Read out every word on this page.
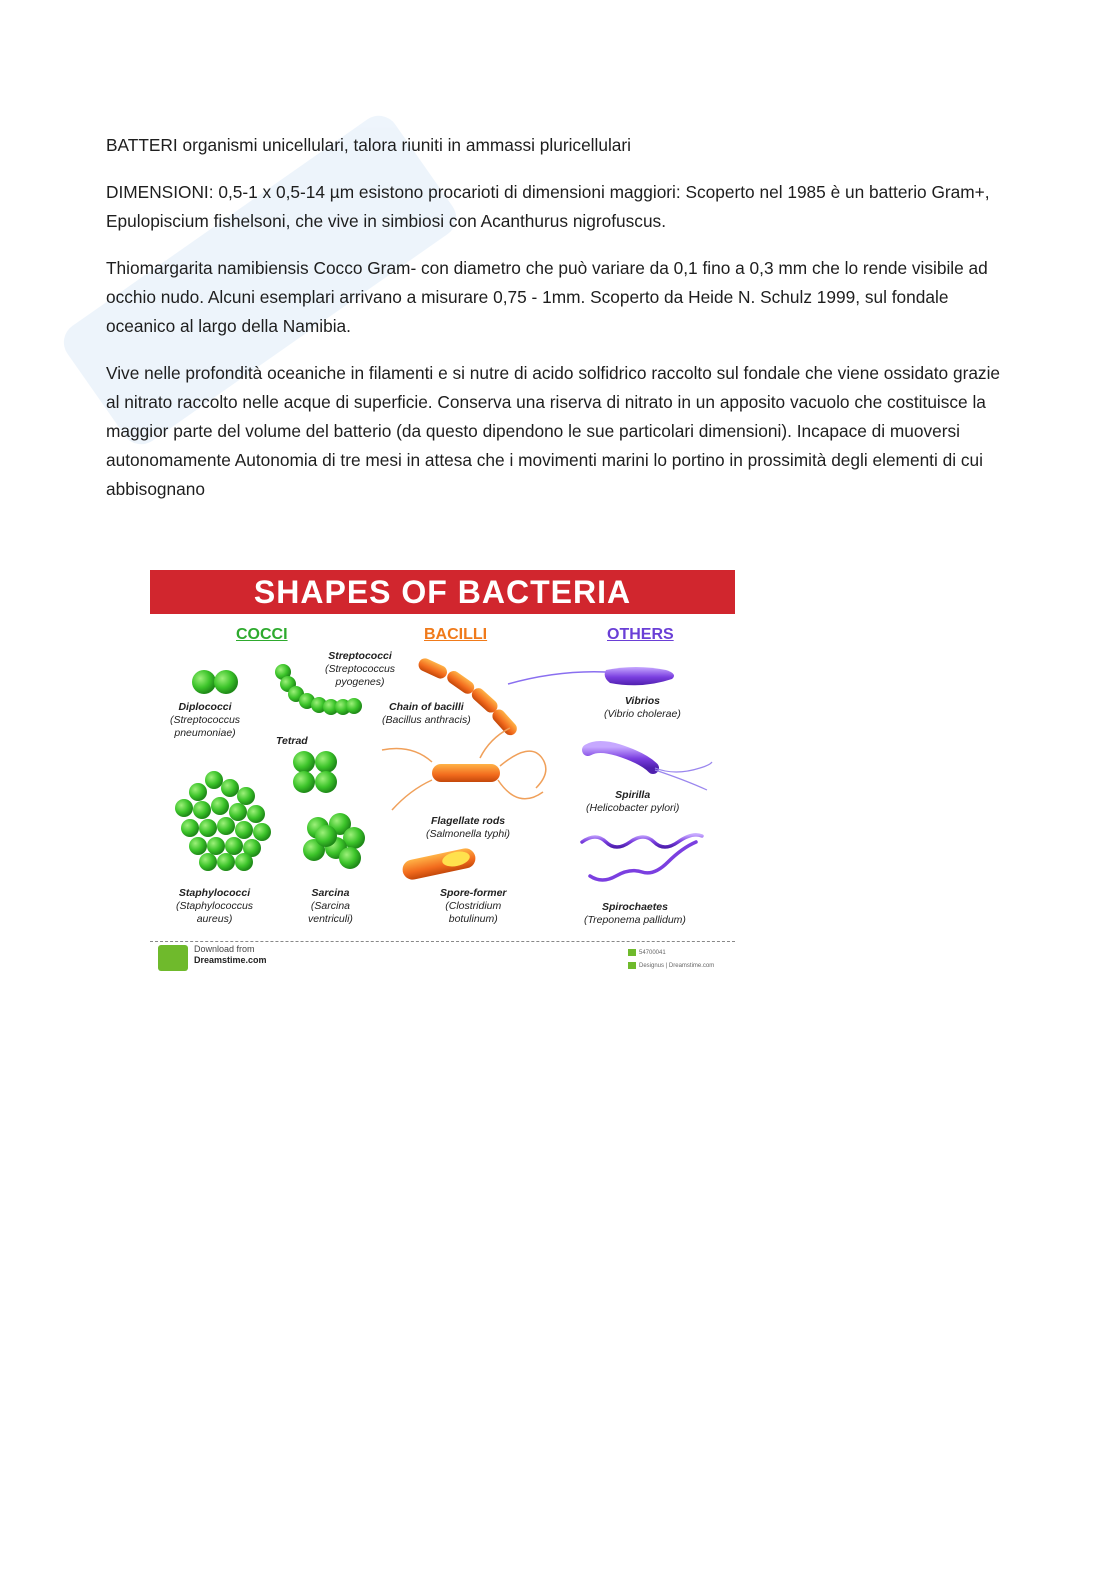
BATTERI organismi unicellulari, talora riuniti in ammassi pluricellulari

DIMENSIONI: 0,5-1 x 0,5-14 µm esistono procarioti di dimensioni maggiori: Scoperto nel 1985 è un batterio Gram+, Epulopiscium fishelsoni, che vive in simbiosi con Acanthurus nigrofuscus.

Thiomargarita namibiensis Cocco Gram- con diametro che può variare da 0,1 fino a 0,3 mm che lo rende visibile ad occhio nudo. Alcuni esemplari arrivano a misurare 0,75 - 1mm. Scoperto da Heide N. Schulz 1999, sul fondale oceanico al largo della Namibia.

Vive nelle profondità oceaniche in filamenti e si nutre di acido solfidrico raccolto sul fondale che viene ossidato grazie al nitrato raccolto nelle acque di superficie. Conserva una riserva di nitrato in un apposito vacuolo che costituisce la maggior parte del volume del batterio (da questo dipendono le sue particolari dimensioni). Incapace di muoversi autonomamente Autonomia di tre mesi in attesa che i movimenti marini lo portino in prossimità degli elementi di cui abbisognano

SHAPES OF BACTERIA
COCCI	BACILLI	OTHERS
Streptococci
(Streptococcus
pyogenes)
Diplococci
(Streptococcus
pneumoniae)
Tetrad
Staphylococci
(Staphylococcus
aureus)
Sarcina
(Sarcina
ventriculi)
Chain of bacilli
(Bacillus anthracis)
Flagellate rods
(Salmonella typhi)
Spore-former
(Clostridium
botulinum)
Vibrios
(Vibrio cholerae)
Spirilla
(Helicobacter pylori)
Spirochaetes
(Treponema pallidum)
Download from
Dreamstime.com
54700041
Designus | Dreamstime.com
